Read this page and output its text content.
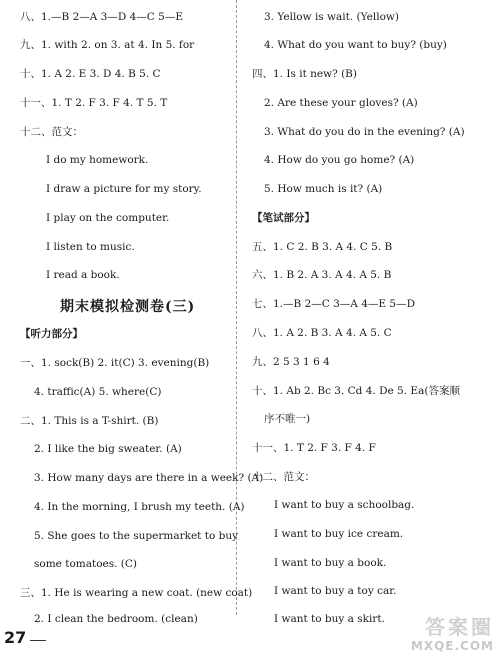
八、1.—B 2—A 3—D 4—C 5—E
九、1. with 2. on 3. at 4. In 5. for
十、1. A 2. E 3. D 4. B 5. C
十一、1. T 2. F 3. F 4. T 5. T
十二、范文：
I do my homework.
I draw a picture for my story.
I play on the computer.
I listen to music.
I read a book.
期末模拟检测卷(三)
【听力部分】
一、1. sock(B) 2. it(C) 3. evening(B)
4. traffic(A) 5. where(C)
二、1. This is a T-shirt. (B)
2. I like the big sweater. (A)
3. How many days are there in a week? (A)
4. In the morning, I brush my teeth. (A)
5. She goes to the supermarket to buy
some tomatoes. (C)
三、1. He is wearing a new coat. (new coat)
2. I clean the bedroom. (clean)
3. Yellow is wait. (Yellow)
4. What do you want to buy? (buy)
四、1. Is it new? (B)
2. Are these your gloves? (A)
3. What do you do in the evening? (A)
4. How do you go home? (A)
5. How much is it? (A)
【笔试部分】
五、1. C 2. B 3. A 4. C 5. B
六、1. B 2. A 3. A 4. A 5. B
七、1.—B 2—C 3—A 4—E 5—D
八、1. A 2. B 3. A 4. A 5. C
九、2 5 3 1 6 4
十、1. Ab 2. Bc 3. Cd 4. De 5. Ea(答案顺
序不唯一)
十一、1. T 2. F 3. F 4. F
十二、范文：
I want to buy a schoolbag.
I want to buy ice cream.
I want to buy a book.
I want to buy a toy car.
I want to buy a skirt.
27	答案圈
MXQE.COM
